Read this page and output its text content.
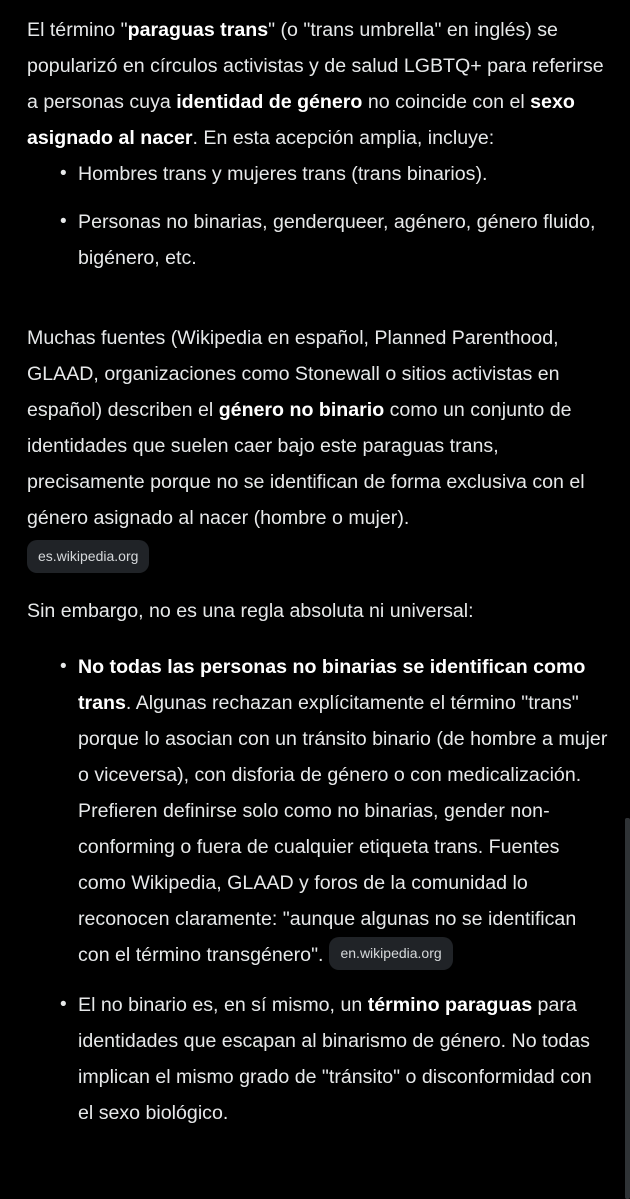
El término "paraguas trans" (o "trans umbrella" en inglés) se popularizó en círculos activistas y de salud LGBTQ+ para referirse a personas cuya identidad de género no coincide con el sexo asignado al nacer. En esta acepción amplia, incluye:

• Hombres trans y mujeres trans (trans binarios).
• Personas no binarias, genderqueer, agénero, género fluido, bigénero, etc.

Muchas fuentes (Wikipedia en español, Planned Parenthood, GLAAD, organizaciones como Stonewall o sitios activistas en español) describen el género no binario como un conjunto de identidades que suelen caer bajo este paraguas trans, precisamente porque no se identifican de forma exclusiva con el género asignado al nacer (hombre o mujer).
es.wikipedia.org

Sin embargo, no es una regla absoluta ni universal:

• No todas las personas no binarias se identifican como trans. Algunas rechazan explícitamente el término "trans" porque lo asocian con un tránsito binario (de hombre a mujer o viceversa), con disforia de género o con medicalización. Prefieren definirse solo como no binarias, gender non-conforming o fuera de cualquier etiqueta trans. Fuentes como Wikipedia, GLAAD y foros de la comunidad lo reconocen claramente: "aunque algunas no se identifican con el término transgénero". en.wikipedia.org
• El no binario es, en sí mismo, un término paraguas para identidades que escapan al binarismo de género. No todas implican el mismo grado de "tránsito" o disconformidad con el sexo biológico.
